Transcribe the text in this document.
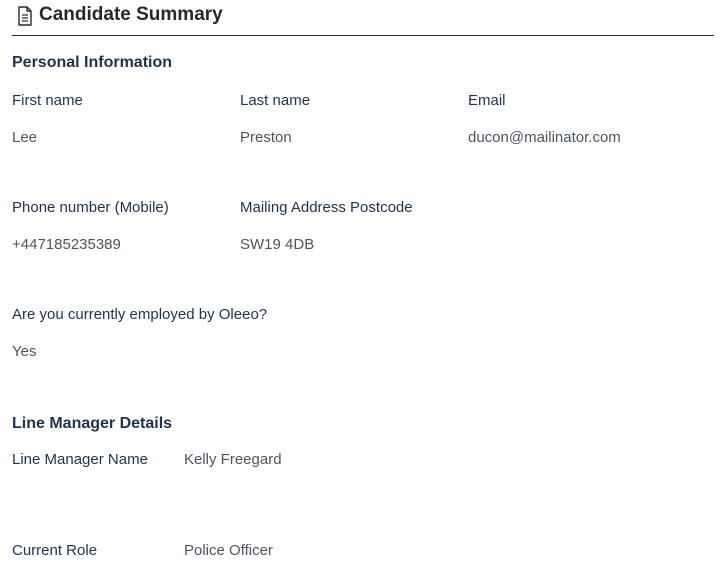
Candidate Summary
Personal Information
First name
Lee
Last name
Preston
Email
ducon@mailinator.com
Phone number (Mobile)
+447185235389
Mailing Address Postcode
SW19 4DB
Are you currently employed by Oleeo?
Yes
Line Manager Details
Line Manager Name Kelly Freegard
Current Role	Police Officer
